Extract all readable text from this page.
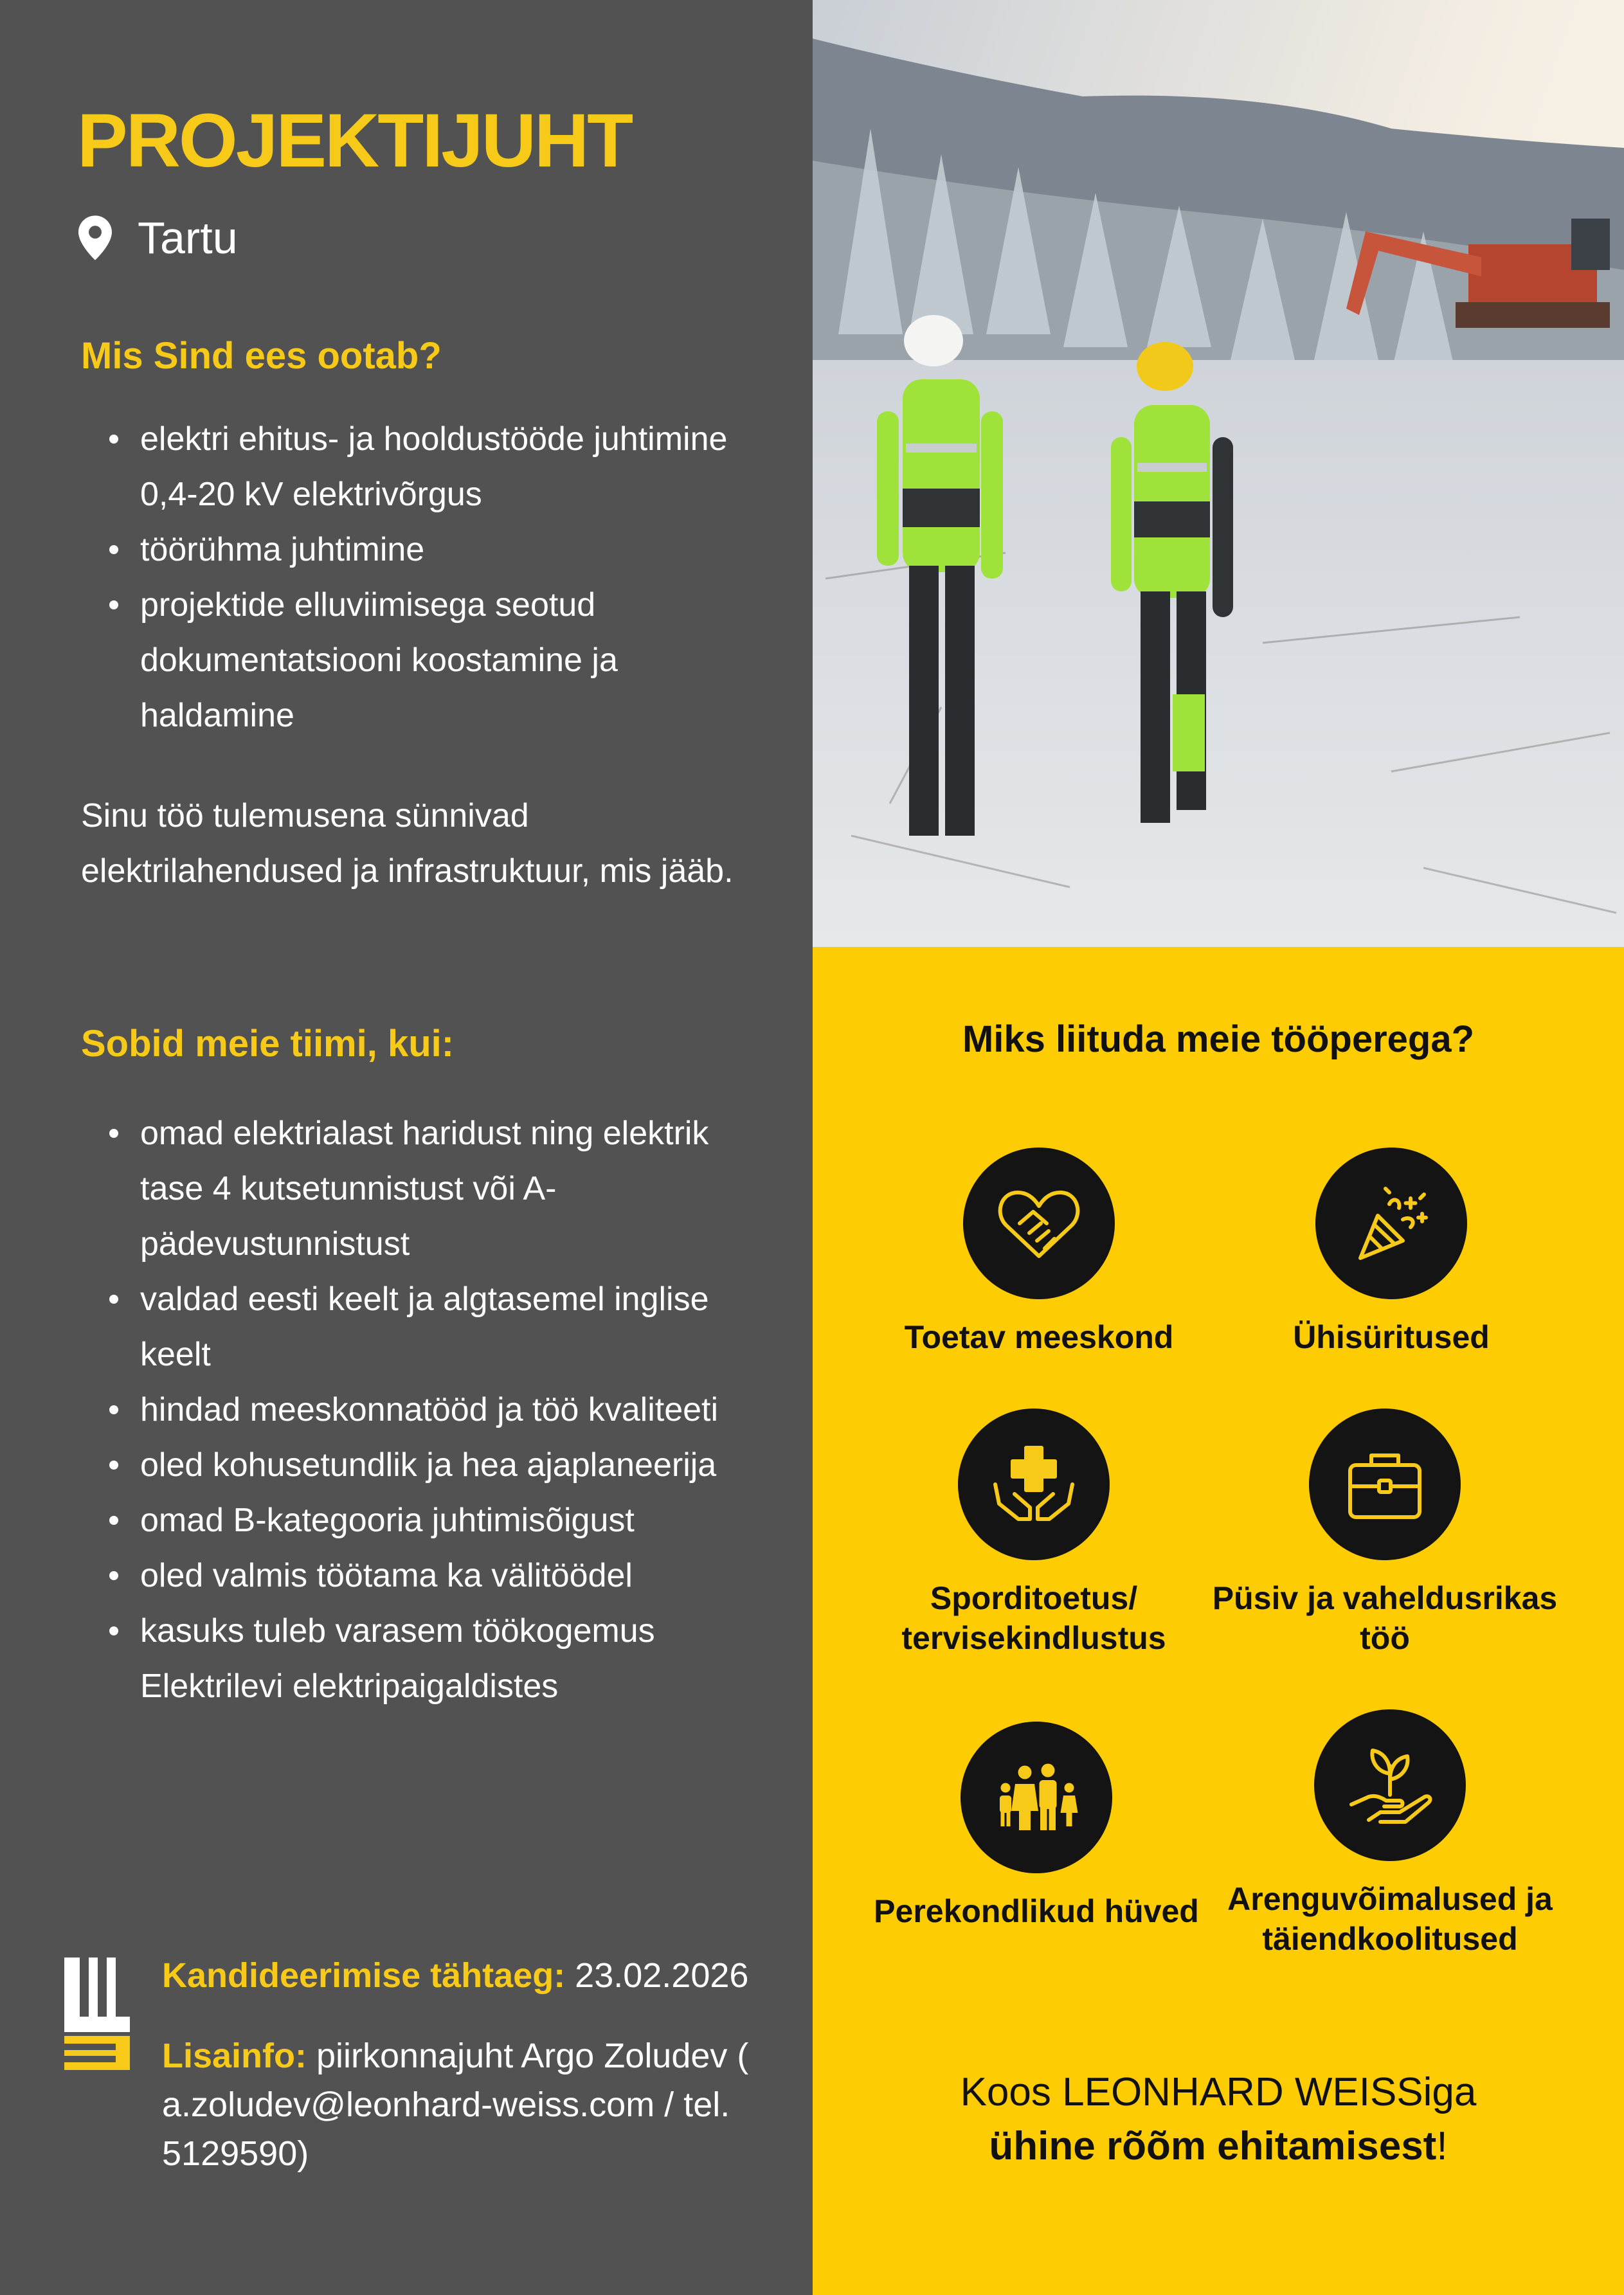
PROJEKTIJUHT
Tartu
Mis Sind ees ootab?
elektri ehitus- ja hooldustööde juhtimine 0,4-20 kV elektrivõrgus
töörühma juhtimine
projektide elluviimisega seotud dokumentatsiooni koostamine ja haldamine

Sinu töö tulemusena sünnivad elektrilahendused ja infrastruktuur, mis jääb.

Sobid meie tiimi, kui:
omad elektrialast haridust ning elektrik tase 4 kutsetunnistust või A-pädevustunnistust
valdad eesti keelt ja algtasemel inglise keelt
hindad meeskonnatööd ja töö kvaliteeti
oled kohusetundlik ja hea ajaplaneerija
omad B-kategooria juhtimisõigust
oled valmis töötama ka välitöödel
kasuks tuleb varasem töökogemus Elektrilevi elektripaigaldistes
Kandideerimise tähtaeg: 23.02.2026
Lisainfo: piirkonnajuht Argo Zoludev ( a.zoludev@leonhard-weiss.com / tel. 5129590)
Miks liituda meie tööperega?
Toetav meeskond	Ühisüritused
Sporditoetus/ tervisekindlustus
Püsiv ja vaheldusrikas töö
Perekondlikud hüved Arenguvõimalused ja täiendkoolitused
Koos LEONHARD WEISSiga
ühine rõõm ehitamisest!
